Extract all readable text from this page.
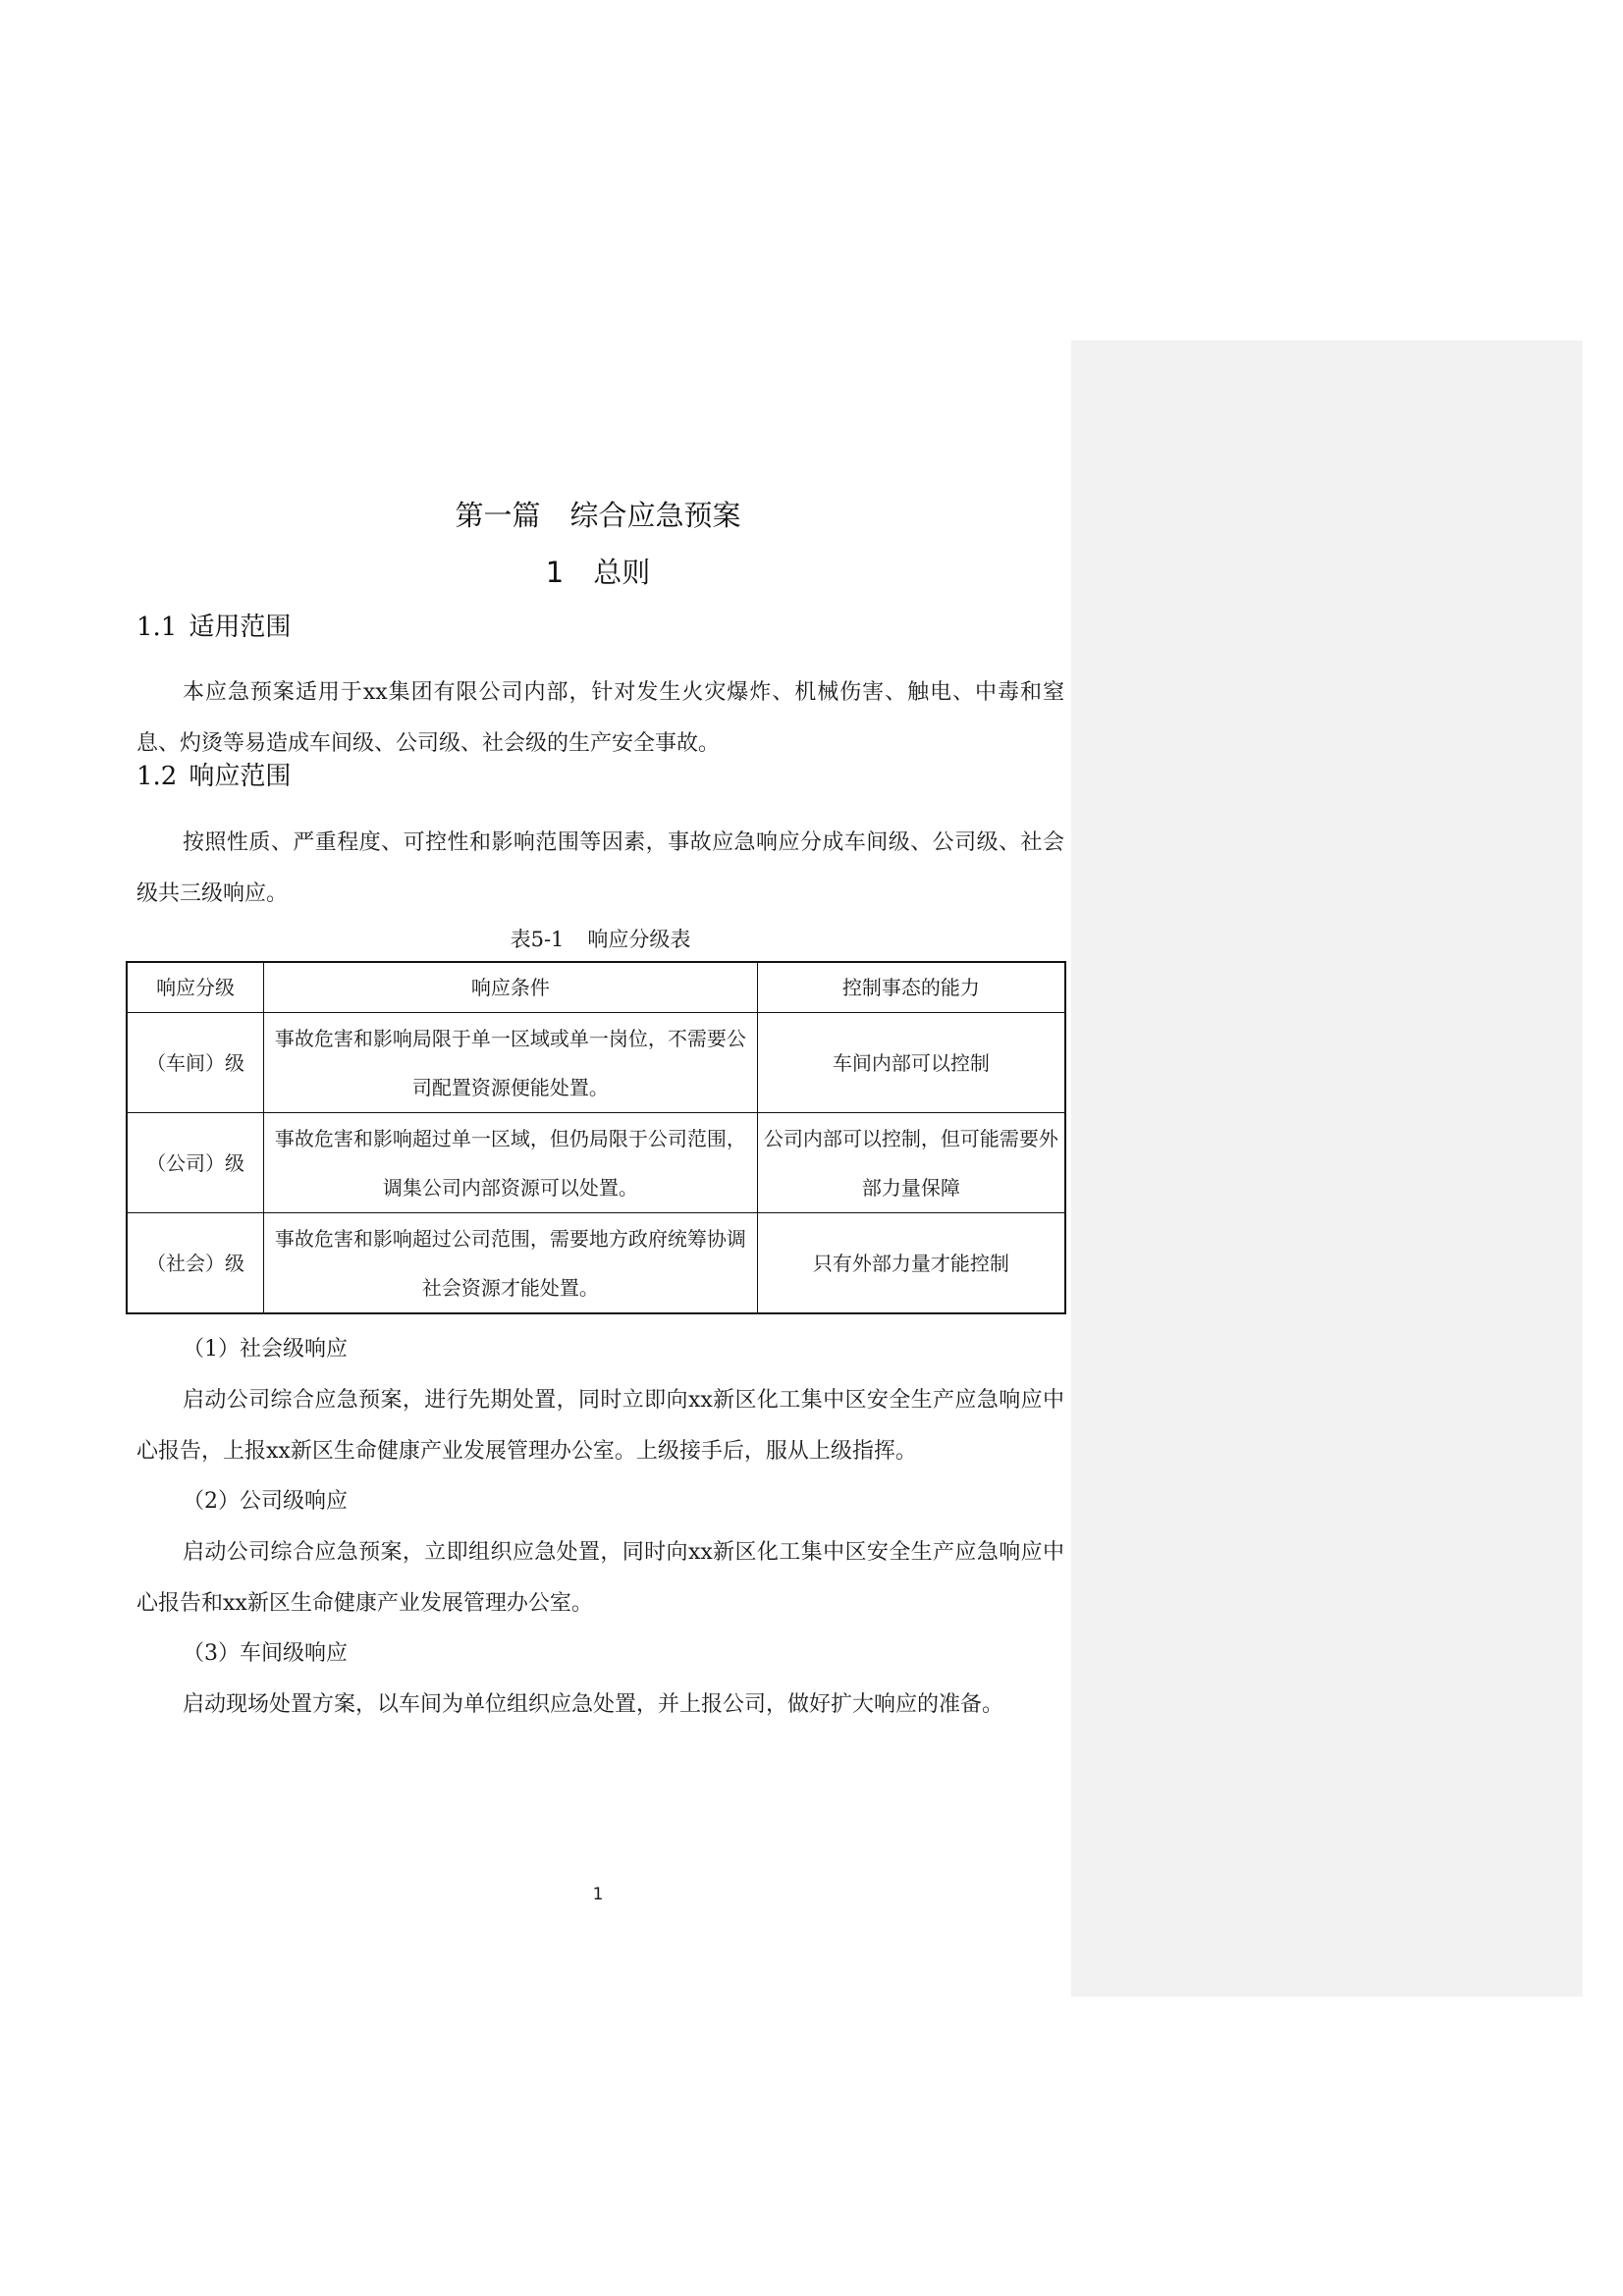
第一篇 综合应急预案
1 总则
1.1 适用范围

本应急预案适用于xx集团有限公司内部，针对发生火灾爆炸、机械伤害、触电、中毒和窒息、灼烫等易造成车间级、公司级、社会级的生产安全事故。

1.2 响应范围

按照性质、严重程度、可控性和影响范围等因素，事故应急响应分成车间级、公司级、社会级共三级响应。

表5-1 响应分级表
响应分级	响应条件	控制事态的能力
（车间）级	事故危害和影响局限于单一区域或单一岗位，不需要公司配置资源便能处置。	车间内部可以控制
（公司）级	事故危害和影响超过单一区域，但仍局限于公司范围，调集公司内部资源可以处置。	公司内部可以控制，但可能需要外部力量保障
（社会）级	事故危害和影响超过公司范围，需要地方政府统筹协调社会资源才能处置。	只有外部力量才能控制

（1）社会级响应

启动公司综合应急预案，进行先期处置，同时立即向xx新区化工集中区安全生产应急响应中心报告，上报xx新区生命健康产业发展管理办公室。上级接手后，服从上级指挥。

（2）公司级响应

启动公司综合应急预案，立即组织应急处置，同时向xx新区化工集中区安全生产应急响应中心报告和xx新区生命健康产业发展管理办公室。

（3）车间级响应

启动现场处置方案，以车间为单位组织应急处置，并上报公司，做好扩大响应的准备。

1
